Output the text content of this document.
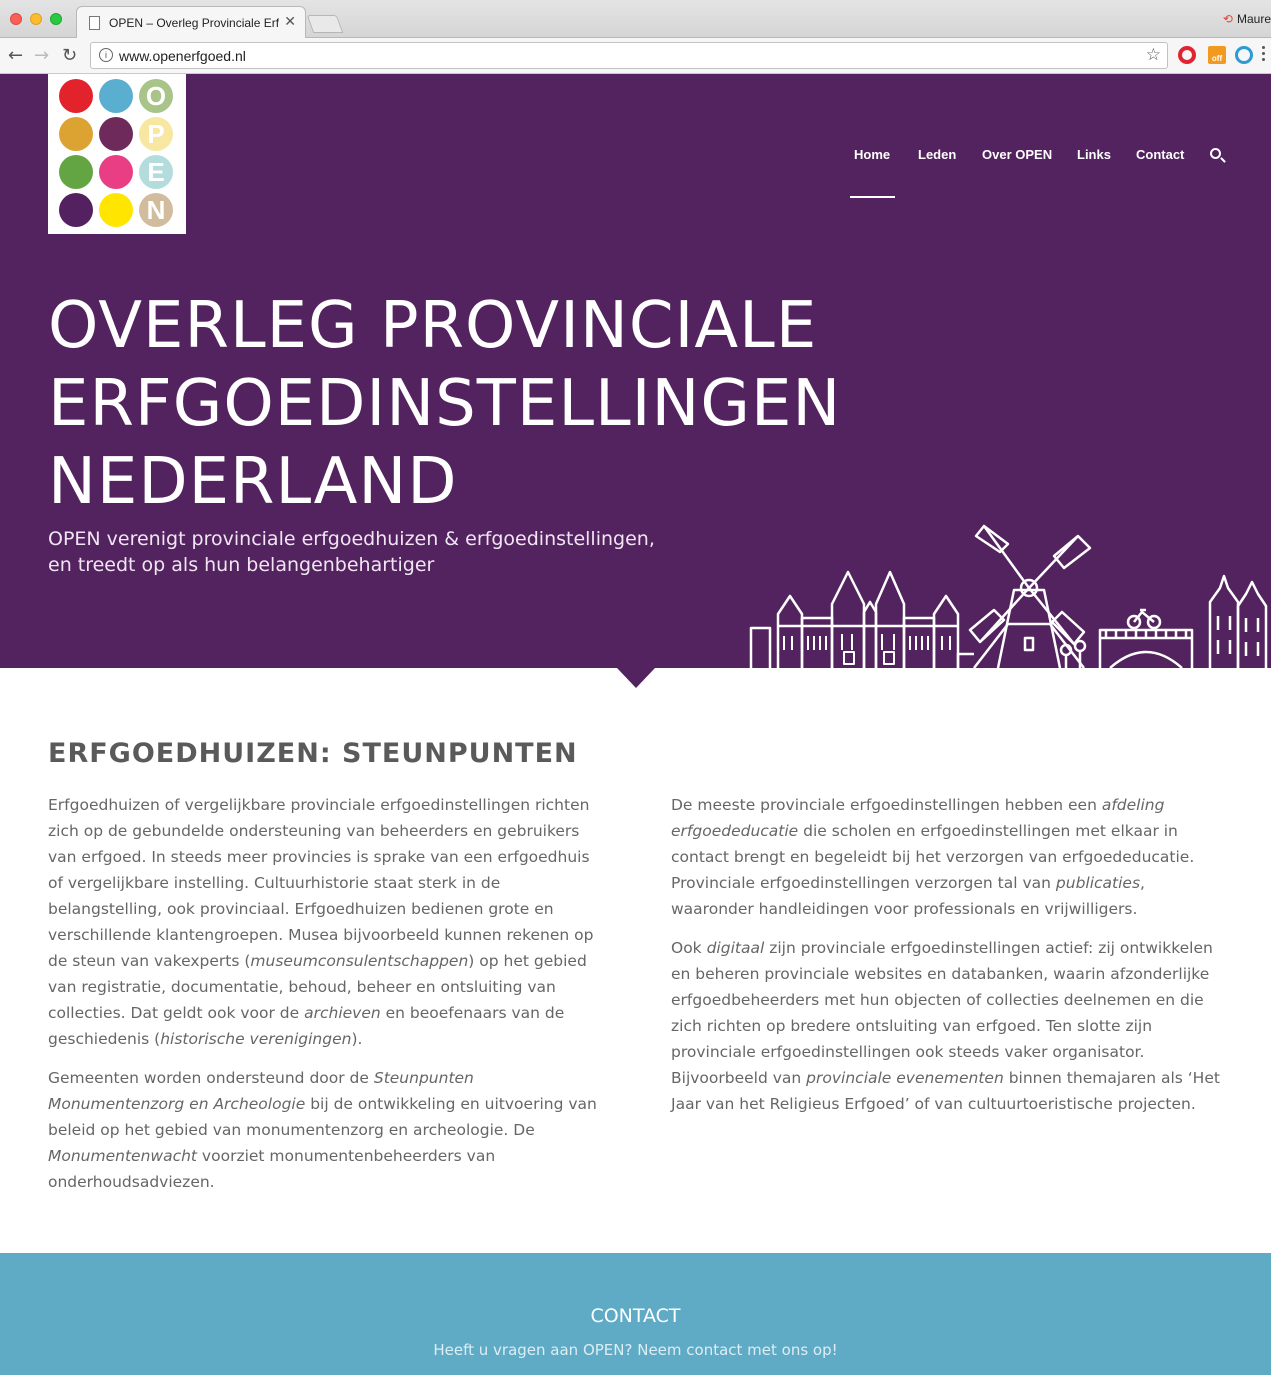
OPEN – Overleg Provinciale Erf ✕	⟲ Maure
← → ↻	i www.openerfgoed.nl	☆	off
O
P
E
N
Home Leden Over OPEN Links Contact
OVERLEG PROVINCIALE
ERFGOEDINSTELLINGEN
NEDERLAND
OPEN verenigt provinciale erfgoedhuizen & erfgoedinstellingen,
en treedt op als hun belangenbehartiger
ERFGOEDHUIZEN: STEUNPUNTEN

Erfgoedhuizen of vergelijkbare provinciale erfgoedinstellingen richten zich op de gebundelde ondersteuning van beheerders en gebruikers van erfgoed. In steeds meer provincies is sprake van een erfgoedhuis of vergelijkbare instelling. Cultuurhistorie staat sterk in de belangstelling, ook provinciaal. Erfgoedhuizen bedienen grote en verschillende klantengroepen. Musea bijvoorbeeld kunnen rekenen op de steun van vakexperts (museumconsulentschappen) op het gebied van registratie, documentatie, behoud, beheer en ontsluiting van collecties. Dat geldt ook voor de archieven en beoefenaars van de geschiedenis (historische verenigingen).

Gemeenten worden ondersteund door de Steunpunten Monumentenzorg en Archeologie bij de ontwikkeling en uitvoering van beleid op het gebied van monumentenzorg en archeologie. De Monumentenwacht voorziet monumentenbeheerders van onderhoudsadviezen.

De meeste provinciale erfgoedinstellingen hebben een afdeling erfgoededucatie die scholen en erfgoedinstellingen met elkaar in contact brengt en begeleidt bij het verzorgen van erfgoededucatie. Provinciale erfgoedinstellingen verzorgen tal van publicaties, waaronder handleidingen voor professionals en vrijwilligers.

Ook digitaal zijn provinciale erfgoedinstellingen actief: zij ontwikkelen en beheren provinciale websites en databanken, waarin afzonderlijke erfgoedbeheerders met hun objecten of collecties deelnemen en die zich richten op bredere ontsluiting van erfgoed. Ten slotte zijn provinciale erfgoedinstellingen ook steeds vaker organisator. Bijvoorbeeld van provinciale evenementen binnen themajaren als ‘Het Jaar van het Religieus Erfgoed’ of van cultuurtoeristische projecten.

CONTACT
Heeft u vragen aan OPEN? Neem contact met ons op!
